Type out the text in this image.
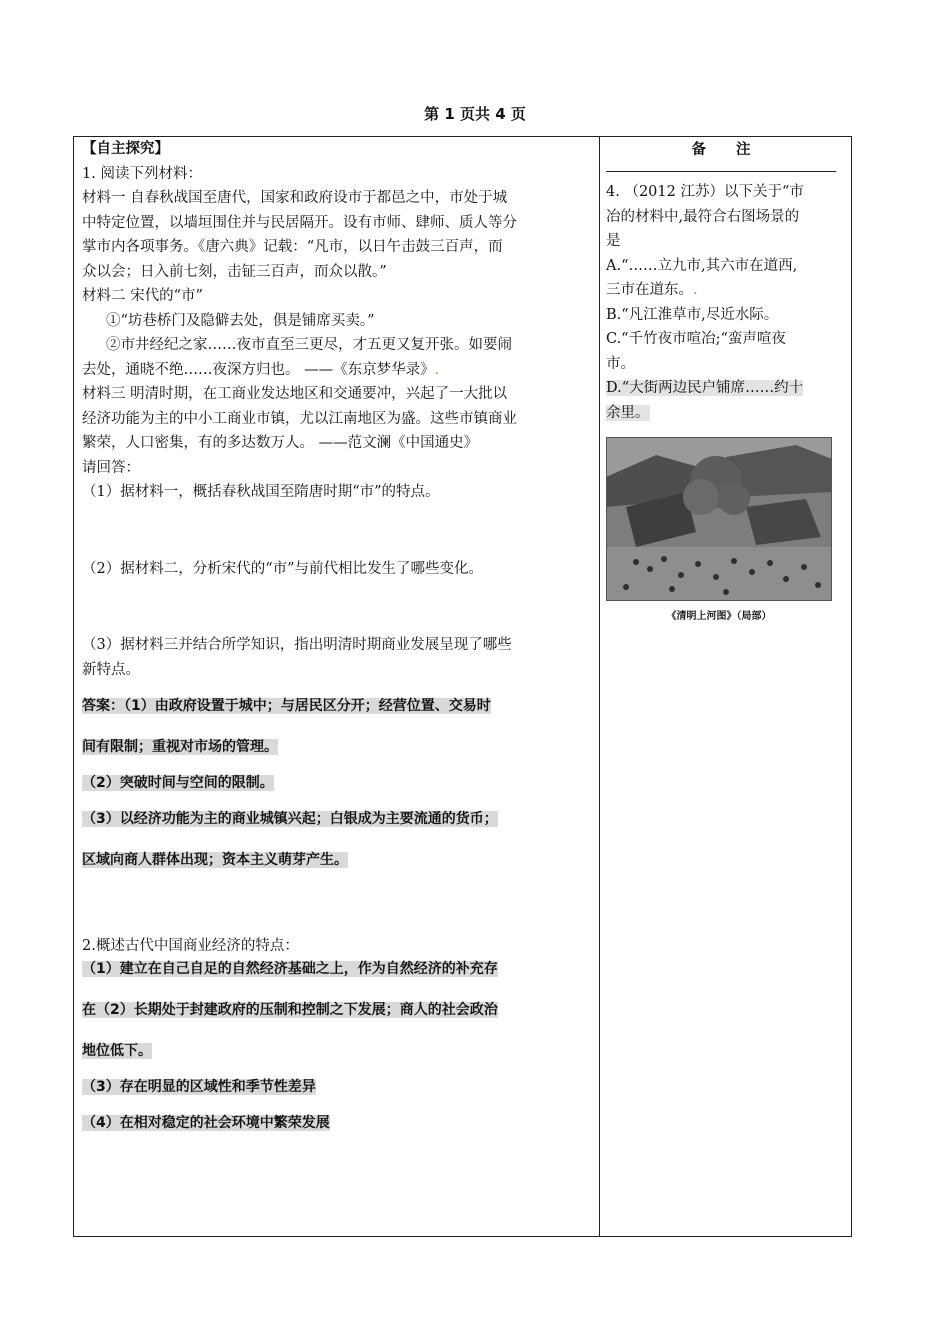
第 1 页共 4 页

【自主探究】

1. 阅读下列材料：

材料一 自春秋战国至唐代，国家和政府设市于都邑之中，市处于城

中特定位置，以墙垣围住并与民居隔开。设有市师、肆师、质人等分

掌市内各项事务。《唐六典》记载：“凡市，以日午击鼓三百声，而

众以会；日入前七刻，击钲三百声，而众以散。”

材料二 宋代的“市”

①“坊巷桥门及隐僻去处，俱是铺席买卖。”

②市井经纪之家……夜市直至三更尽，才五更又复开张。如要闹

去处，通晓不绝……夜深方归也。 ——《东京梦华录》.

材料三 明清时期，在工商业发达地区和交通要冲，兴起了一大批以

经济功能为主的中小工商业市镇，尤以江南地区为盛。这些市镇商业

繁荣，人口密集，有的多达数万人。 ——范文澜《中国通史》

请回答：

（1）据材料一，概括春秋战国至隋唐时期“市”的特点。

（2）据材料二，分析宋代的“市”与前代相比发生了哪些变化。

（3）据材料三并结合所学知识，指出明清时期商业发展呈现了哪些

新特点。

答案：（1）由政府设置于城中；与居民区分开；经营位置、交易时

间有限制；重视对市场的管理。

（2）突破时间与空间的限制。

（3）以经济功能为主的商业城镇兴起；白银成为主要流通的货币；

区域向商人群体出现；资本主义萌芽产生。

2.概述古代中国商业经济的特点：

（1）建立在自己自足的自然经济基础之上，作为自然经济的补充存

在（2）长期处于封建政府的压制和控制之下发展；商人的社会政治

地位低下。

（3）存在明显的区域性和季节性差异

（4）在相对稳定的社会环境中繁荣发展

备注

4. （2012 江苏）以下关于“市

冶的材料中,最符合右图场景的

是

A.“……立九市,其六市在道西,

三市在道东。.

B.“凡江淮草市,尽近水际。

C.“千竹夜市喧冶;“蛮声喧夜

市。

D.“大街两边民户铺席……约十

余里。

《清明上河图》（局部）
